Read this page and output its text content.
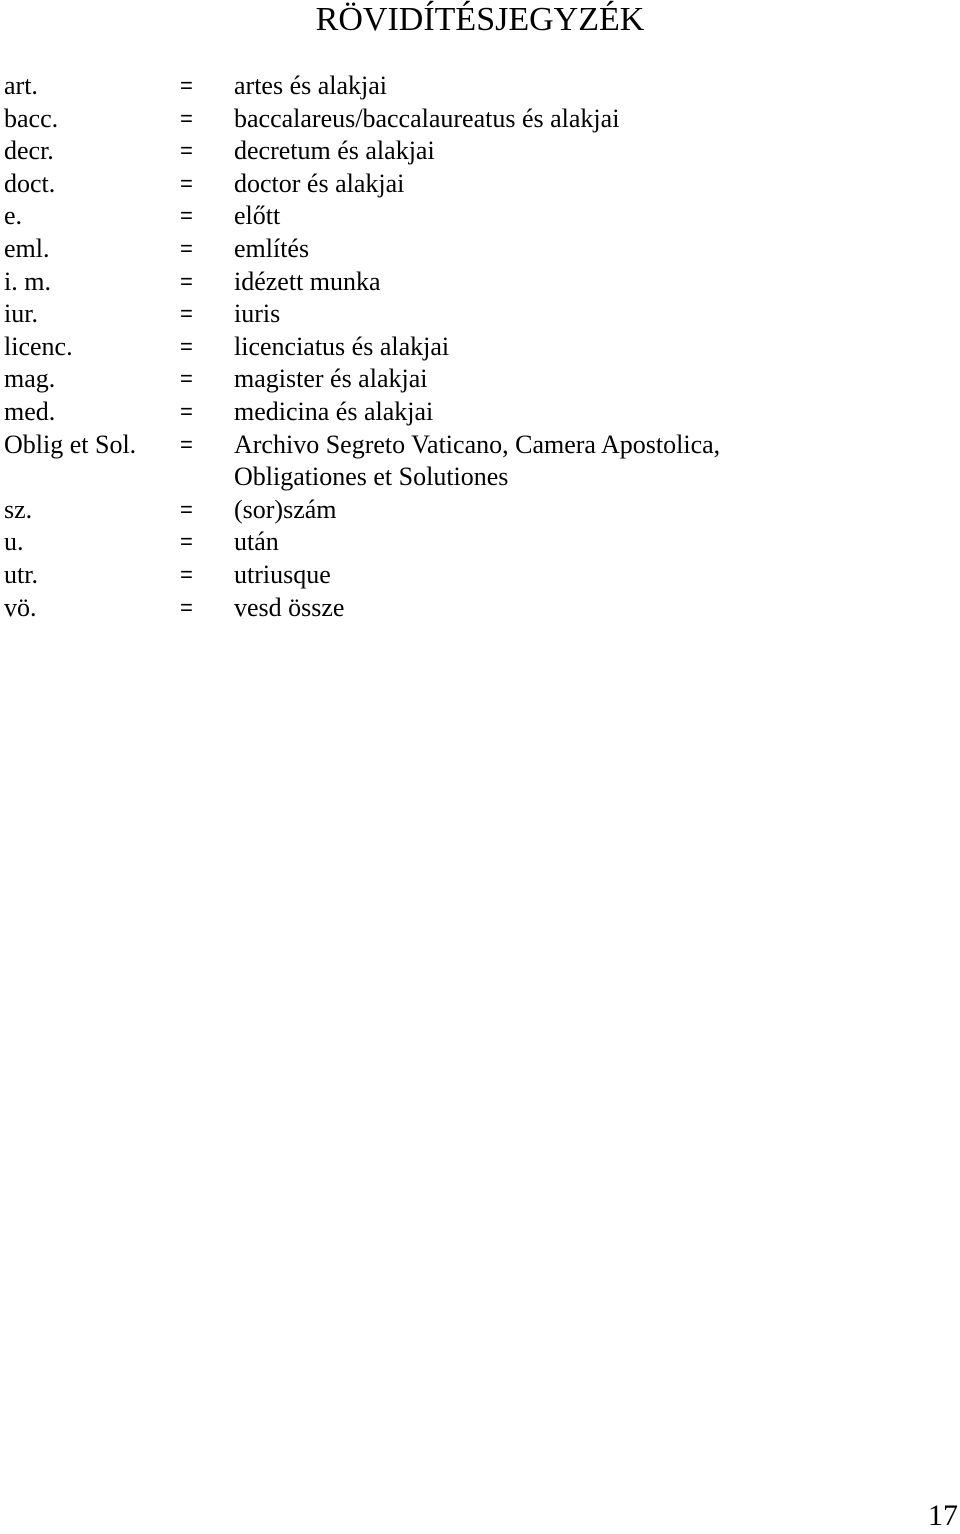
RÖVIDÍTÉSJEGYZÉK
art.	=	artes és alakjai
bacc.	=	baccalareus/baccalaureatus és alakjai
decr.	=	decretum és alakjai
doct.	=	doctor és alakjai
e.	=	előtt
eml.	=	említés
i. m.	=	idézett munka
iur.	=	iuris
licenc.	=	licenciatus és alakjai
mag.	=	magister és alakjai
med.	=	medicina és alakjai
Oblig et Sol.	=	Archivo Segreto Vaticano, Camera Apostolica,
Obligationes et Solutiones
sz.	=	(sor)szám
u.	=	után
utr.	=	utriusque
vö.	=	vesd össze
17
